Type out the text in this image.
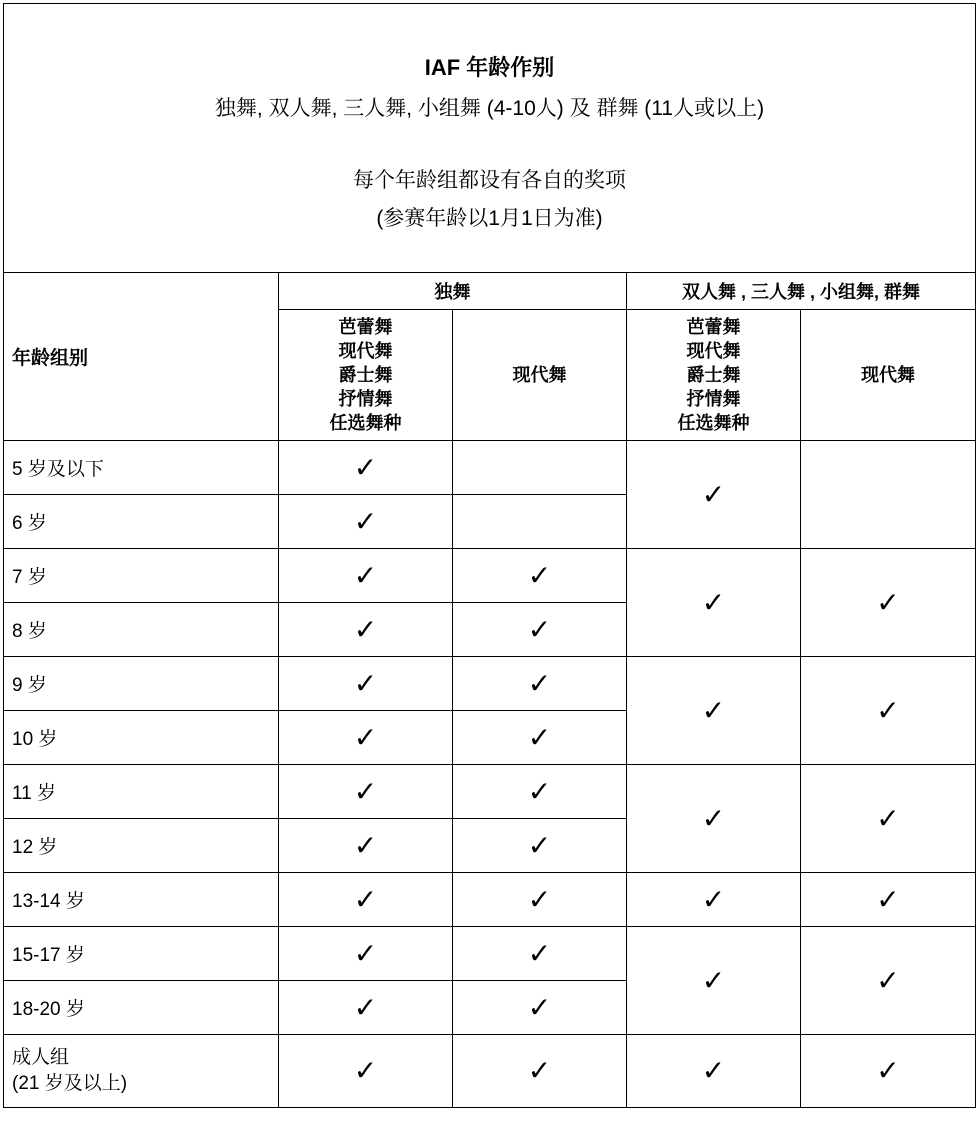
IAF 年龄作别
独舞, 双人舞, 三人舞, 小组舞 (4-10人) 及 群舞 (11人或以上)
每个年龄组都设有各自的奖项
(参赛年龄以1月1日为准)				

年龄组别	独舞		双人舞 , 三人舞 , 小组舞, 群舞	

	芭蕾舞
现代舞
爵士舞
抒情舞
任选舞种	现代舞	芭蕾舞
现代舞
爵士舞
抒情舞
任选舞种	现代舞
5 岁及以下	✓		✓	
6 岁	✓			
7 岁	✓	✓	✓	✓
8 岁	✓	✓		
9 岁	✓	✓	✓	✓
10 岁	✓	✓		
11 岁	✓	✓	✓	✓
12 岁	✓	✓		
13-14 岁	✓	✓	✓	✓
15-17 岁	✓	✓	✓	✓
18-20 岁	✓	✓		

成人组
(21 岁及以上)	✓	✓	✓	✓
